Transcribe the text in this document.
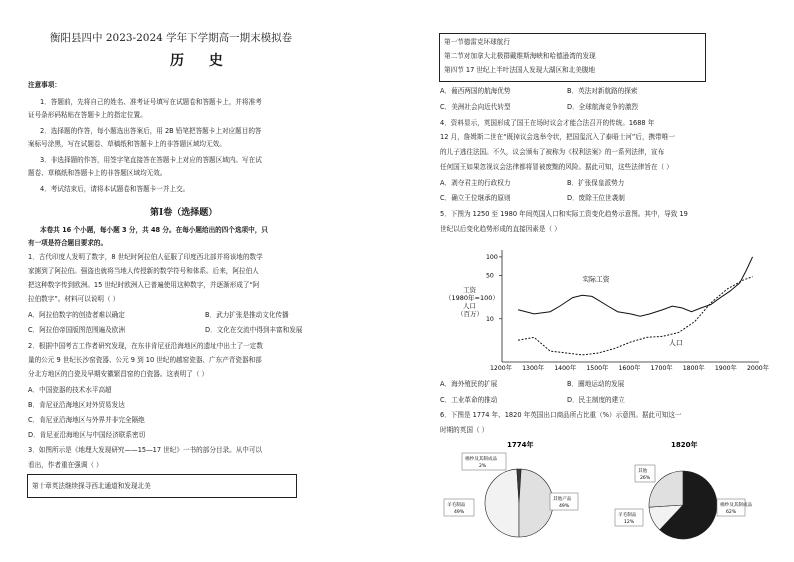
衡阳县四中 2023-2024 学年下学期高一期末模拟卷
历 史
注意事项：
1．答题前，先将自己的姓名、准考证号填写在试题卷和答题卡上，并将准考
证号条形码粘贴在答题卡上的指定位置。
2．选择题的作答，每小题选出答案后，用 2B 铅笔把答题卡上对应题目的答
案标号涂黑，写在试题卷、草稿纸和答题卡上的非答题区域均无效。
3．非选择题的作答，用签字笔直接答在答题卡上对应的答题区域内。写在试
题卷、草稿纸和答题卡上的非答题区域均无效。
4．考试结束后，请将本试题卷和答题卡一并上交。
第Ⅰ卷（选择题）
本卷共 16 个小题，每小题 3 分，共 48 分。在每小题给出的四个选项中，只
有一项是符合题目要求的。
1．古代印度人发明了数字，8 世纪时阿拉伯人征服了印度西北部并将该地的数学
家掳到了阿拉伯。强盗也就将当地人传授新的数学符号和体系。后来，阿拉伯人
把这种数字传到欧洲。15 世纪时欧洲人已普遍使用这种数字，并逐渐形成了“阿
拉伯数字”。材料可以说明（ ）
A．阿拉伯数字的创造者难以确定	B．武力扩张是推动文化传播
C．阿拉伯帝国版图范围遍及欧洲	D．文化在交流中得到丰富和发展
2．根据中国考古工作者研究发现，在东非肯尼亚沿海地区的遗址中出土了一定数
量的公元 9 世纪长沙窑瓷器、公元 9 到 10 世纪的越窑瓷器、广东产青瓷器和部
分北方地区的白瓷及早期安徽繁昌窑的白瓷器。这表明了（ ）
A．中国瓷器的技术水平高超
B．肯尼亚沿海地区对外贸易发达
C．肯尼亚沿海地区与外界并非完全隔绝
D．肯尼亚沿海地区与中国经济联系密切
3．如图所示是《地理大发现研究——15—17 世纪》一书的部分目录。从中可以
看出，作者重在强调（ ）
第十章英法继续探寻西北通道和发现北美
第一节德雷克环球航行
第二节对加拿大北极群戴维斯海峡和哈德逊湾的发现
第四节 17 世纪上半叶法国人发现大湖区和北美腹地
A．葡西两国的航海优势	B．英法对新航路的探索
C．美洲社会向近代转型	D．全球航海竞争的激烈
4．资料显示，英国形成了国王在场时议会才能合法召开的传统。1688 年
12 月，詹姆斯二世在“既掉议会选举令状，把国玺沉入了泰晤士河”后，携带唯一
的儿子逃往法国。不久，议会颁布了被称为《权利法案》的一系列法律，宣布
任何国王如果忽视议会法律都将冒被废黜的风险。据此可知，这些法律旨在（ ）
A．剥夺君主的行政权力	B．扩张保皇派势力
C．确立王位继承的原则	D．废除王位世袭制
5．下图为 1250 至 1980 年间英国人口和实际工资变化趋势示意图。其中，导致 19
世纪以后变化趋势形成的直接因素是（ ）
工资
（1980年=100）
人口
（百万）
实际工资
人口
1200年 1300年 1400年 1500年 1600年 1700年 1800年 1900年 2000年
10
50
100
A．海外殖民的扩展	B．圈地运动的发展
C．工业革命的推动	D．民主制度的建立
6．下图是 1774 年、1820 年英国出口商品所占比重（%）示意图。据此可知这一
时期的英国（ ）
1774年
羊毛制品
49%
棉纱及其制成品
2%
其他产品
49%
1820年
棉纱及其制成品
62%
羊毛制品
12%
其他
26%
